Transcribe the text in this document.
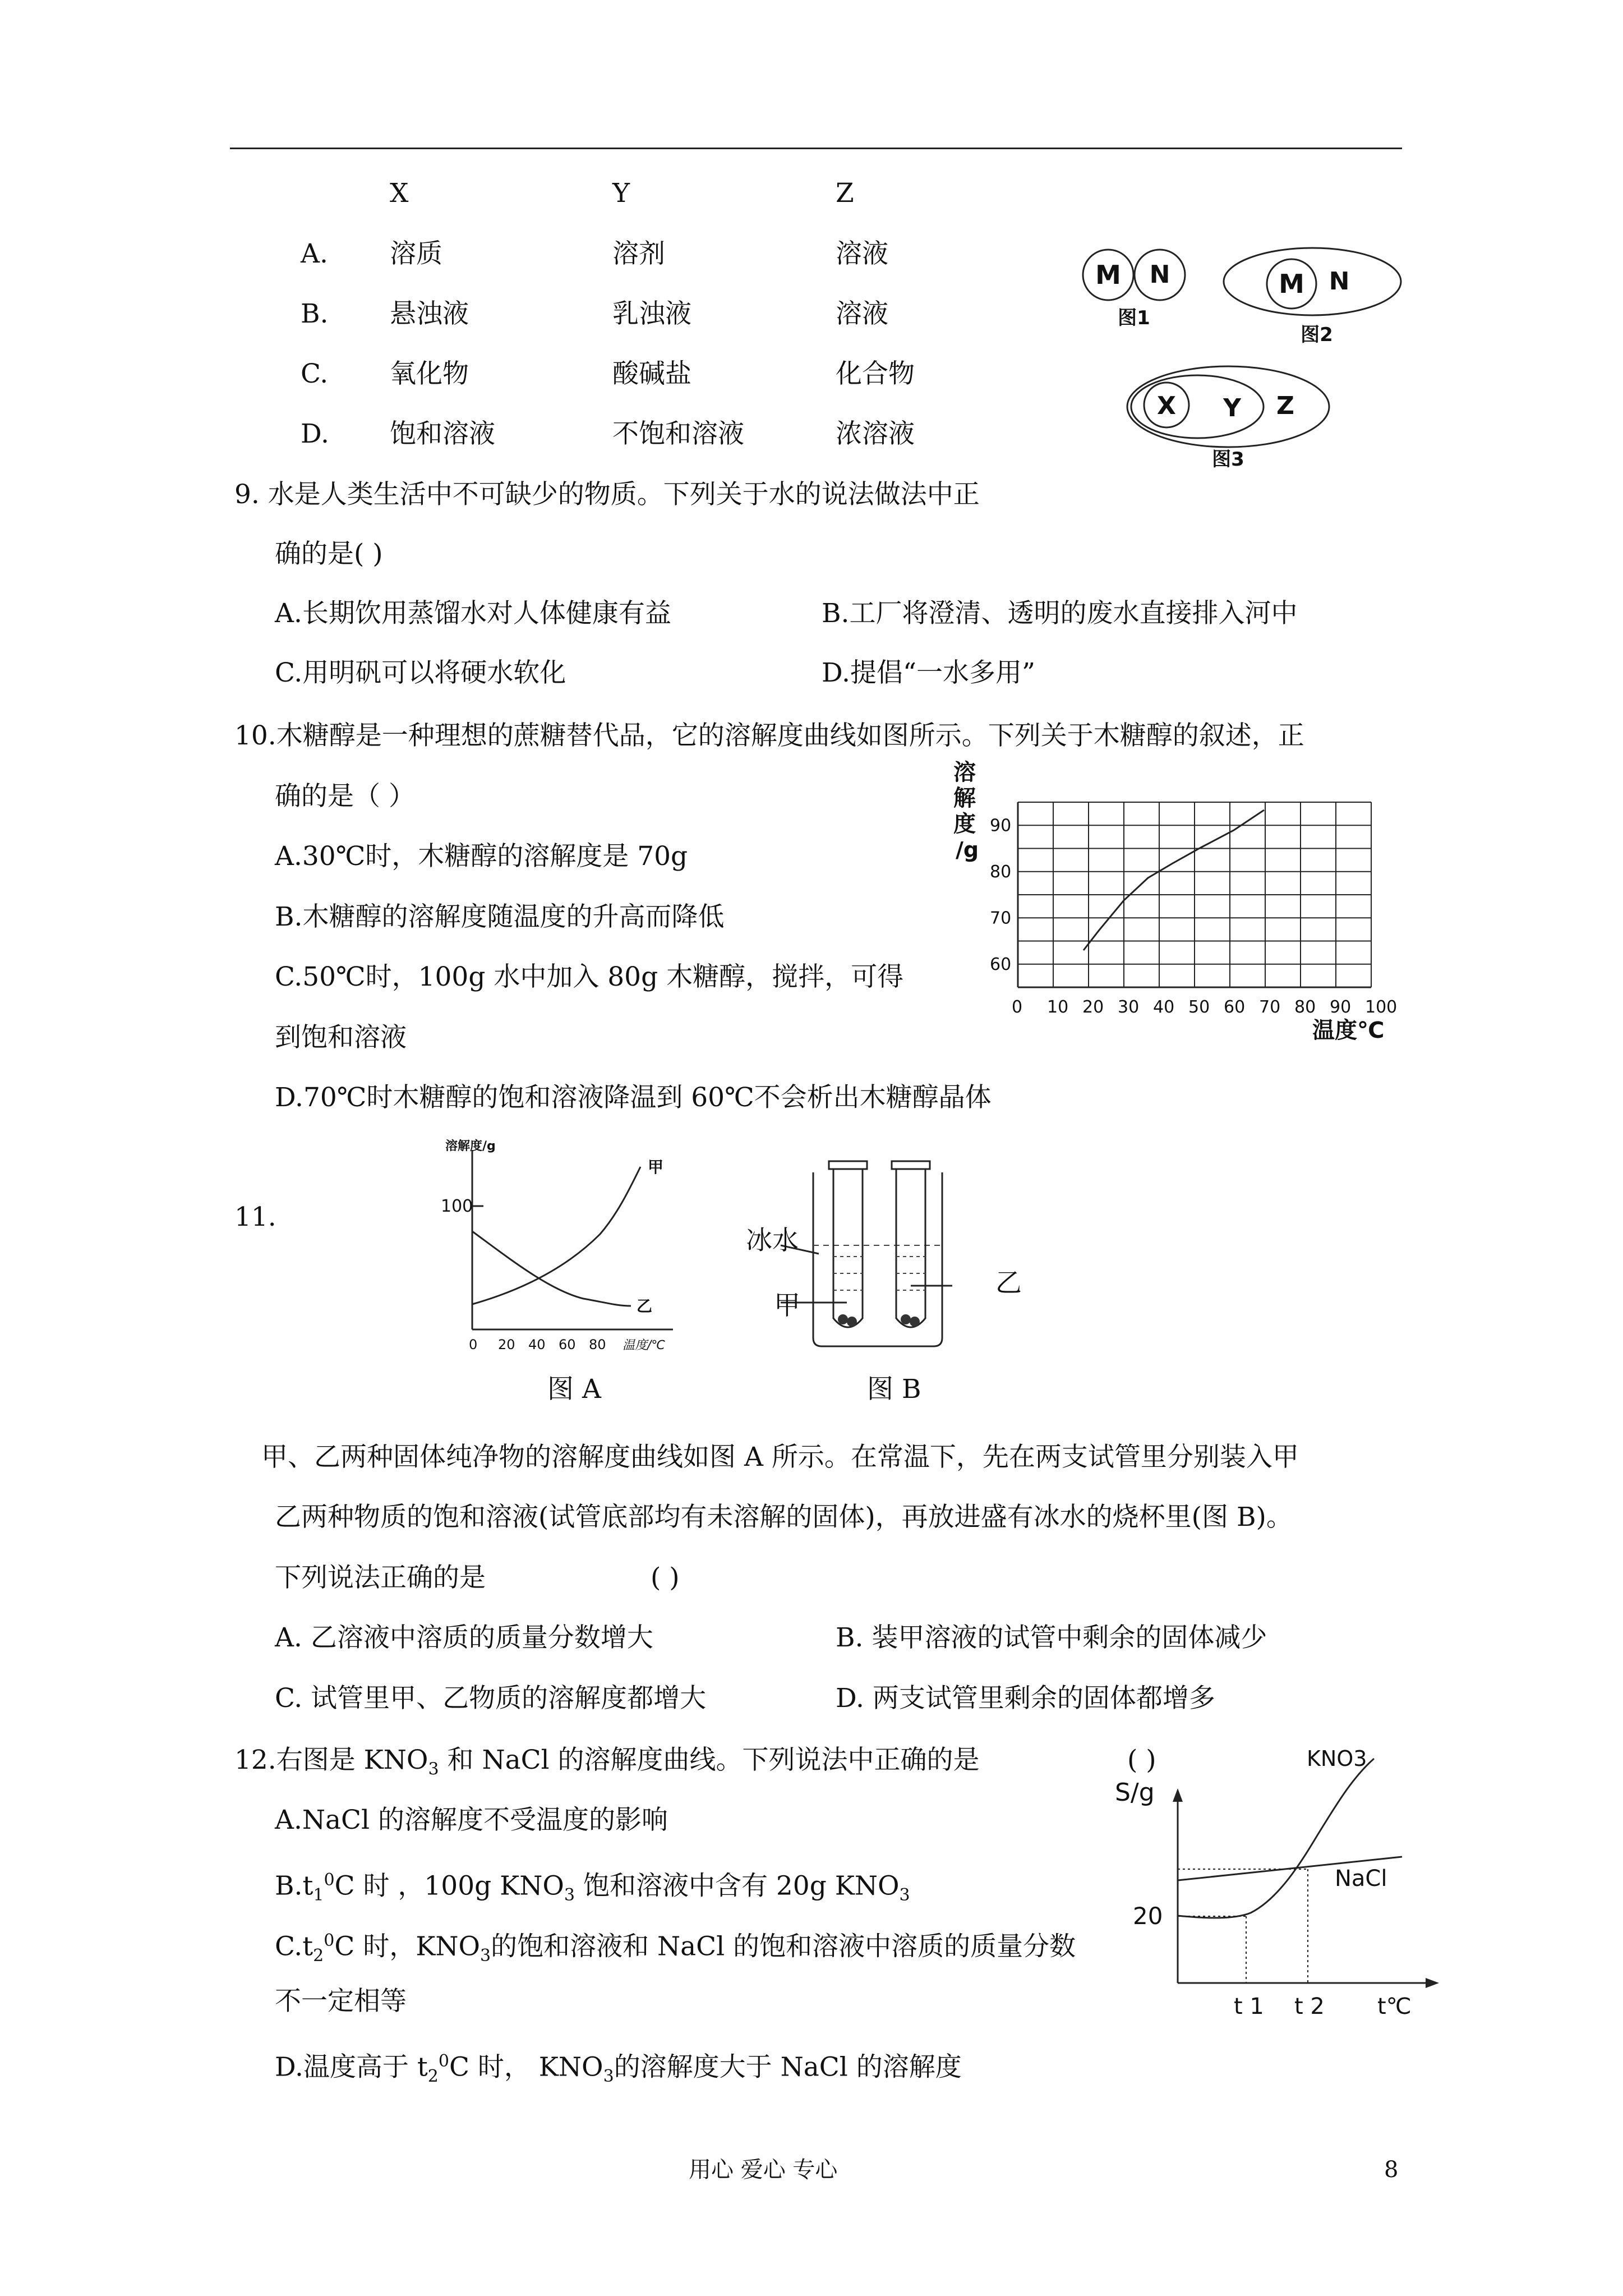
X	Y	Z
A. 溶质	溶剂	溶液
B. 悬浊液	乳浊液	溶液
C. 氧化物	酸碱盐	化合物
D. 饱和溶液	不饱和溶液	浓溶液
M N
图1
M N
图2
X Y Z
图3
9. 水是人类生活中不可缺少的物质。下列关于水的说法做法中正
确的是( )
A.长期饮用蒸馏水对人体健康有益	B.工厂将澄清、透明的废水直接排入河中
C.用明矾可以将硬水软化	D.提倡“一水多用”
10.木糖醇是一种理想的蔗糖替代品，它的溶解度曲线如图所示。下列关于木糖醇的叙述，正
确的是（ ）
A.30℃时，木糖醇的溶解度是 70g
B.木糖醇的溶解度随温度的升高而降低
C.50℃时，100g 水中加入 80g 木糖醇，搅拌，可得
到饱和溶液
D.70℃时木糖醇的饱和溶液降温到 60℃不会析出木糖醇晶体
0 10 20 30 40 50 60 70 80 90 100
60
70
80
90
溶
解
度
/g
温度℃
11.
溶解度/g
100
甲
乙
0 20 40 60 80 温度/℃
图 A
冰水
甲
乙
图 B
甲、乙两种固体纯净物的溶解度曲线如图 A 所示。在常温下，先在两支试管里分别装入甲
乙两种物质的饱和溶液(试管底部均有未溶解的固体)，再放进盛有冰水的烧杯里(图 B)。
下列说法正确的是	( )
A. 乙溶液中溶质的质量分数增大	B. 装甲溶液的试管中剩余的固体减少
C. 试管里甲、乙物质的溶解度都增大	D. 两支试管里剩余的固体都增多
12.右图是 $KNO_3$ 和 NaCl 的溶解度曲线。下列说法中正确的是	( )
A.NaCl 的溶解度不受温度的影响
$B.t_1^0C$ 时 ，100g $KNO_3$ 饱和溶液中含有 20g $KNO_3$
$C.t_2^0C$ 时，$KNO_3$的饱和溶液和 NaCl 的饱和溶液中溶质的质量分数
不一定相等
D.温度高于 $t_2^0C$ 时， $KNO_3$的溶解度大于 NaCl 的溶解度
S/g
KNO3
NaCl
20
t 1 t 2 t℃
用心 爱心 专心	8
